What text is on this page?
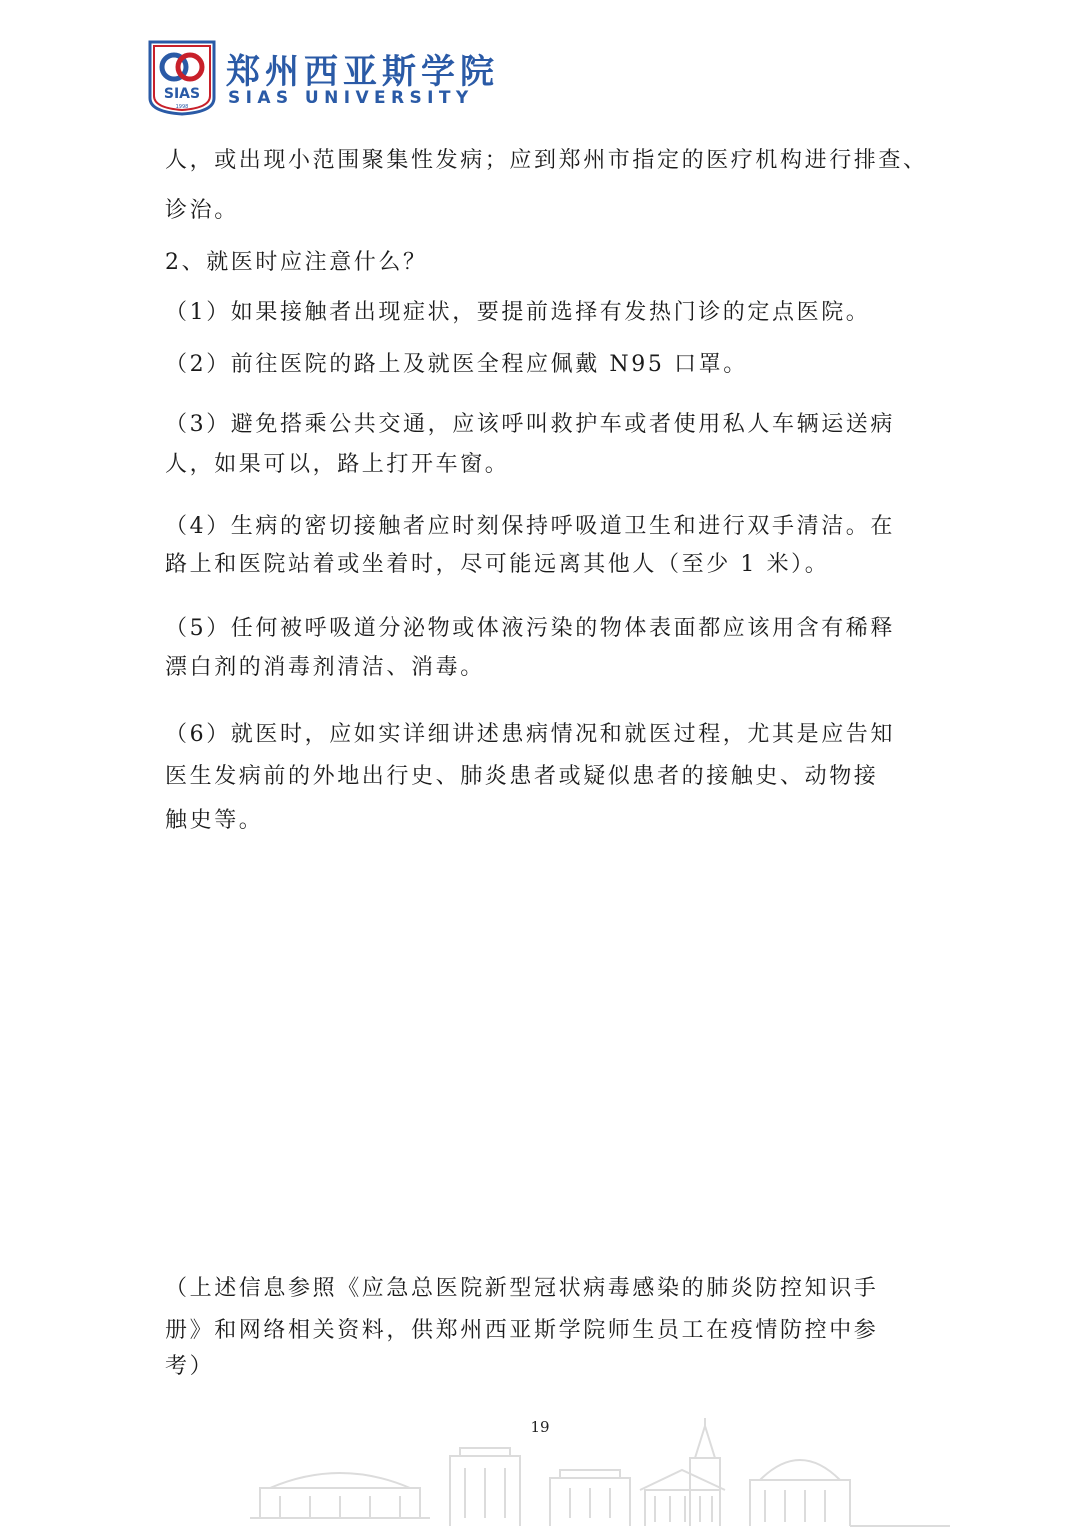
SIAS
1998
郑州西亚斯学院
SIAS UNIVERSITY
人，或出现小范围聚集性发病；应到郑州市指定的医疗机构进行排查、
诊治。
2、就医时应注意什么？
（1）如果接触者出现症状，要提前选择有发热门诊的定点医院。
（2）前往医院的路上及就医全程应佩戴 N95 口罩。
（3）避免搭乘公共交通，应该呼叫救护车或者使用私人车辆运送病
人，如果可以，路上打开车窗。
（4）生病的密切接触者应时刻保持呼吸道卫生和进行双手清洁。在
路上和医院站着或坐着时，尽可能远离其他人（至少 1 米）。
（5）任何被呼吸道分泌物或体液污染的物体表面都应该用含有稀释
漂白剂的消毒剂清洁、消毒。
（6）就医时，应如实详细讲述患病情况和就医过程，尤其是应告知
医生发病前的外地出行史、肺炎患者或疑似患者的接触史、动物接
触史等。
（上述信息参照《应急总医院新型冠状病毒感染的肺炎防控知识手
册》和网络相关资料，供郑州西亚斯学院师生员工在疫情防控中参
考）
19
